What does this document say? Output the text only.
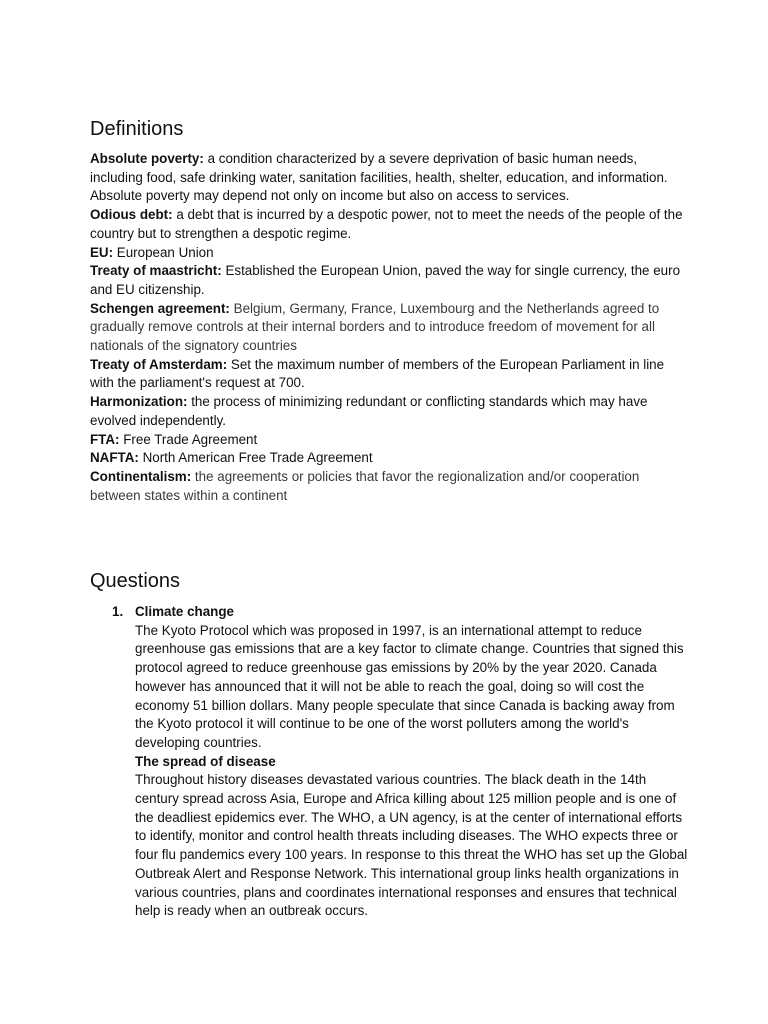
Definitions

Absolute poverty: a condition characterized by a severe deprivation of basic human needs, including food, safe drinking water, sanitation facilities, health, shelter, education, and information. Absolute poverty may depend not only on income but also on access to services.

Odious debt: a debt that is incurred by a despotic power, not to meet the needs of the people of the country but to strengthen a despotic regime.

EU: European Union

Treaty of maastricht: Established the European Union, paved the way for single currency, the euro and EU citizenship.

Schengen agreement: Belgium, Germany, France, Luxembourg and the Netherlands agreed to gradually remove controls at their internal borders and to introduce freedom of movement for all nationals of the signatory countries

Treaty of Amsterdam: Set the maximum number of members of the European Parliament in line with the parliament's request at 700.

Harmonization: the process of minimizing redundant or conflicting standards which may have evolved independently.

FTA: Free Trade Agreement

NAFTA: North American Free Trade Agreement

Continentalism: the agreements or policies that favor the regionalization and/or cooperation between states within a continent

Questions
1. Climate change
The Kyoto Protocol which was proposed in 1997, is an international attempt to reduce greenhouse gas emissions that are a key factor to climate change. Countries that signed this protocol agreed to reduce greenhouse gas emissions by 20% by the year 2020. Canada however has announced that it will not be able to reach the goal, doing so will cost the economy 51 billion dollars. Many people speculate that since Canada is backing away from the Kyoto protocol it will continue to be one of the worst polluters among the world's developing countries.
The spread of disease
Throughout history diseases devastated various countries. The black death in the 14th century spread across Asia, Europe and Africa killing about 125 million people and is one of the deadliest epidemics ever. The WHO, a UN agency, is at the center of international efforts to identify, monitor and control health threats including diseases. The WHO expects three or four flu pandemics every 100 years. In response to this threat the WHO has set up the Global Outbreak Alert and Response Network. This international group links health organizations in various countries, plans and coordinates international responses and ensures that technical help is ready when an outbreak occurs.
